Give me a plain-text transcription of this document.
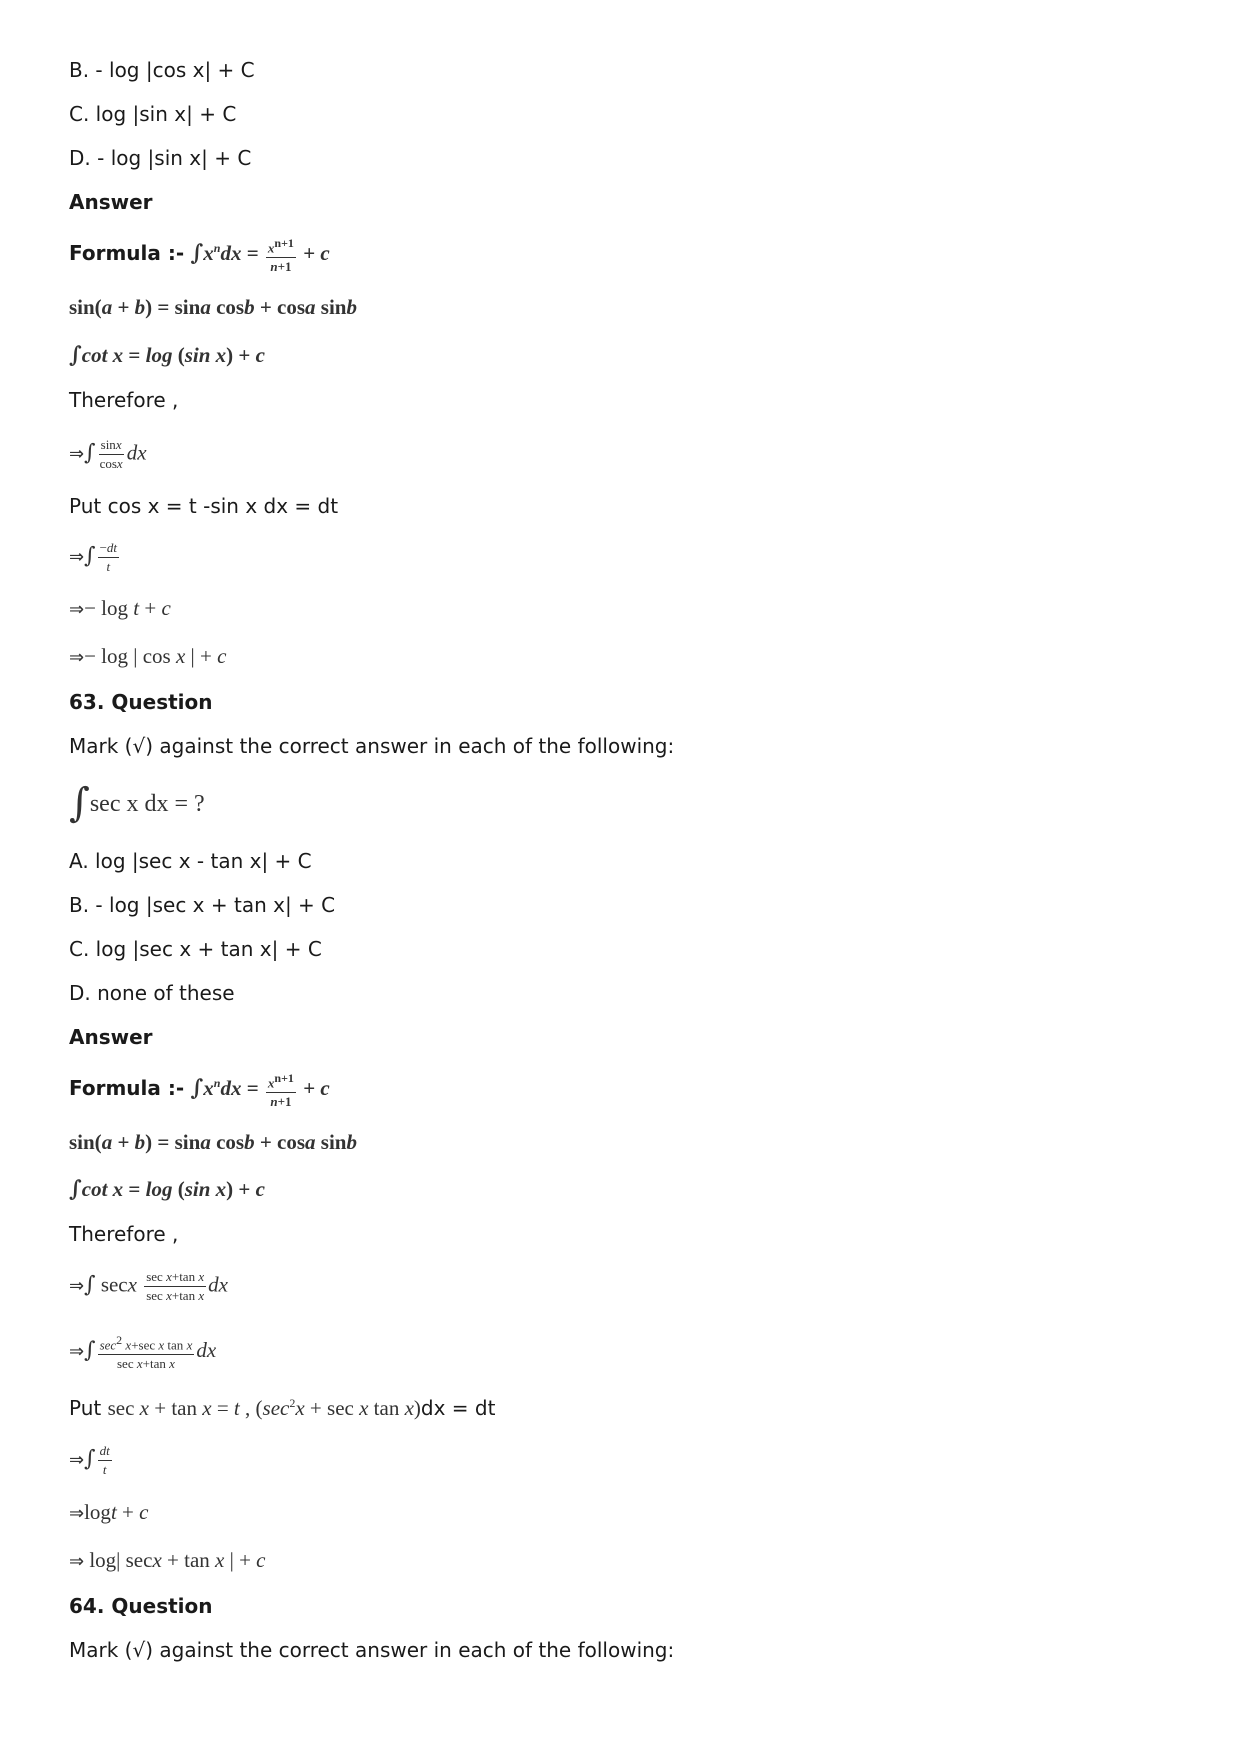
B. - log |cos x| + C
C. log |sin x| + C
D. - log |sin x| + C
Answer
Formula :- $\int x^ndx = \frac{x^{n+1}}{n+1} + c$
sin(a + b) = sina cosb + cosa sinb
∫cot x = log (sin x) + c
Therefore ,
⇒∫ $\frac{\sin x}{\cos x}$ dx
Put cos x = t -sin x dx = dt
⇒∫ $\frac{-dt}{t}$
⇒− log t + c
⇒− log | cos x | + c
63. Question
Mark (√) against the correct answer in each of the following:
∫sec x dx = ?
A. log |sec x - tan x| + C
B. - log |sec x + tan x| + C
C. log |sec x + tan x| + C
D. none of these
Answer
Formula :- $\int x^ndx = \frac{x^{n+1}}{n+1} + c$
sin(a + b) = sina cosb + cosa sinb
∫cot x = log (sin x) + c
Therefore ,
⇒∫ secx $\frac{\text{sec x+tan x}}{\text{sec x+tan x}}$ dx
⇒∫ $\frac{\sec^2 x+\sec x \tan x}{\text{sec x+tan x}}$ dx
Put sec x + tan x = t , ($\sec^2x + \sec x$ tan x)dx = dt
⇒∫ $\frac{dt}{t}$
⇒logt + c
⇒ log| secx + tan x | + c
64. Question
Mark (√) against the correct answer in each of the following:
